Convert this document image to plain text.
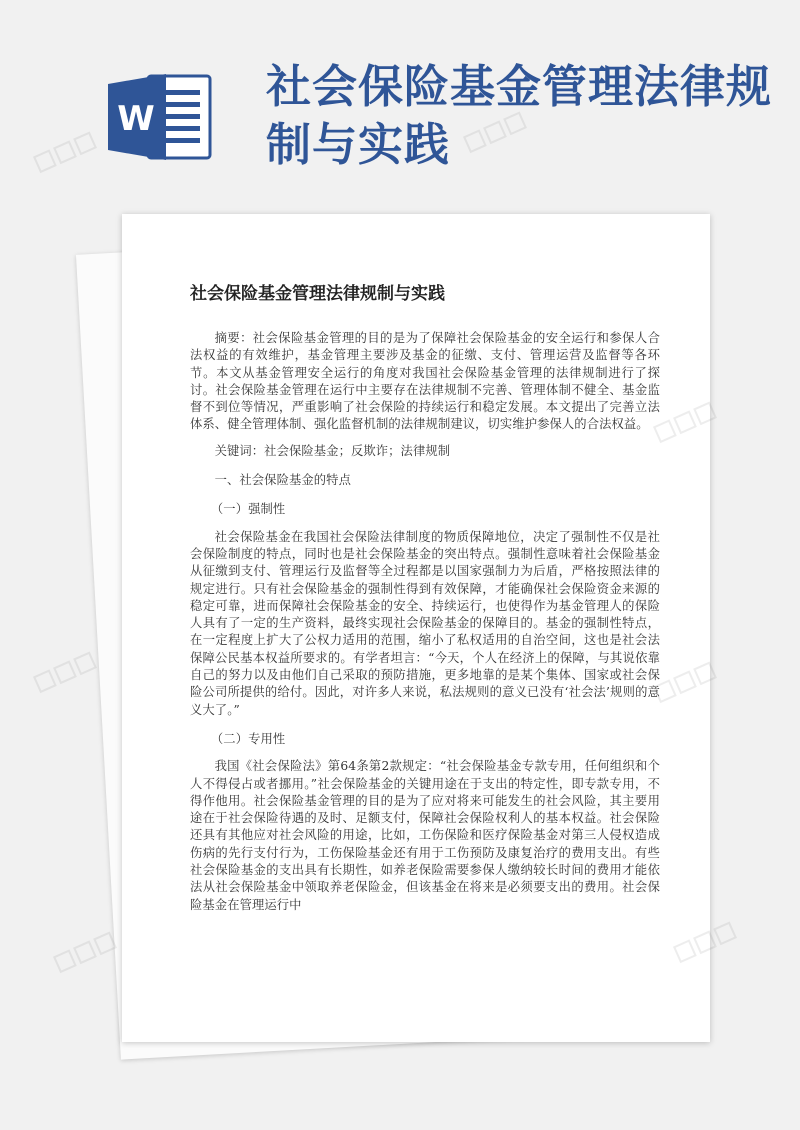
W
社会保险基金管理法律规制与实践
社会保险基金管理法律规制与实践

摘要：社会保险基金管理的目的是为了保障社会保险基金的安全运行和参保人合法权益的有效维护，基金管理主要涉及基金的征缴、支付、管理运营及监督等各环节。本文从基金管理安全运行的角度对我国社会保险基金管理的法律规制进行了探讨。社会保险基金管理在运行中主要存在法律规制不完善、管理体制不健全、基金监督不到位等情况，严重影响了社会保险的持续运行和稳定发展。本文提出了完善立法体系、健全管理体制、强化监督机制的法律规制建议，切实维护参保人的合法权益。

关键词：社会保险基金；反欺诈；法律规制

一、社会保险基金的特点

（一）强制性

社会保险基金在我国社会保险法律制度的物质保障地位，决定了强制性不仅是社会保险制度的特点，同时也是社会保险基金的突出特点。强制性意味着社会保险基金从征缴到支付、管理运行及监督等全过程都是以国家强制力为后盾，严格按照法律的规定进行。只有社会保险基金的强制性得到有效保障，才能确保社会保险资金来源的稳定可靠，进而保障社会保险基金的安全、持续运行，也使得作为基金管理人的保险人具有了一定的生产资料，最终实现社会保险基金的保障目的。基金的强制性特点，在一定程度上扩大了公权力适用的范围，缩小了私权适用的自治空间，这也是社会法保障公民基本权益所要求的。有学者坦言：“今天，个人在经济上的保障，与其说依靠自己的努力以及由他们自己采取的预防措施，更多地靠的是某个集体、国家或社会保险公司所提供的给付。因此，对许多人来说，私法规则的意义已没有‘社会法’规则的意义大了。”

（二）专用性

我国《社会保险法》第64条第2款规定：“社会保险基金专款专用，任何组织和个人不得侵占或者挪用。”社会保险基金的关键用途在于支出的特定性，即专款专用，不得作他用。社会保险基金管理的目的是为了应对将来可能发生的社会风险，其主要用途在于社会保险待遇的及时、足额支付，保障社会保险权利人的基本权益。社会保险还具有其他应对社会风险的用途，比如，工伤保险和医疗保险基金对第三人侵权造成伤病的先行支付行为，工伤保险基金还有用于工伤预防及康复治疗的费用支出。有些社会保险基金的支出具有长期性，如养老保险需要参保人缴纳较长时间的费用才能依法从社会保险基金中领取养老保险金，但该基金在将来是必须要支出的费用。社会保险基金在管理运行中
